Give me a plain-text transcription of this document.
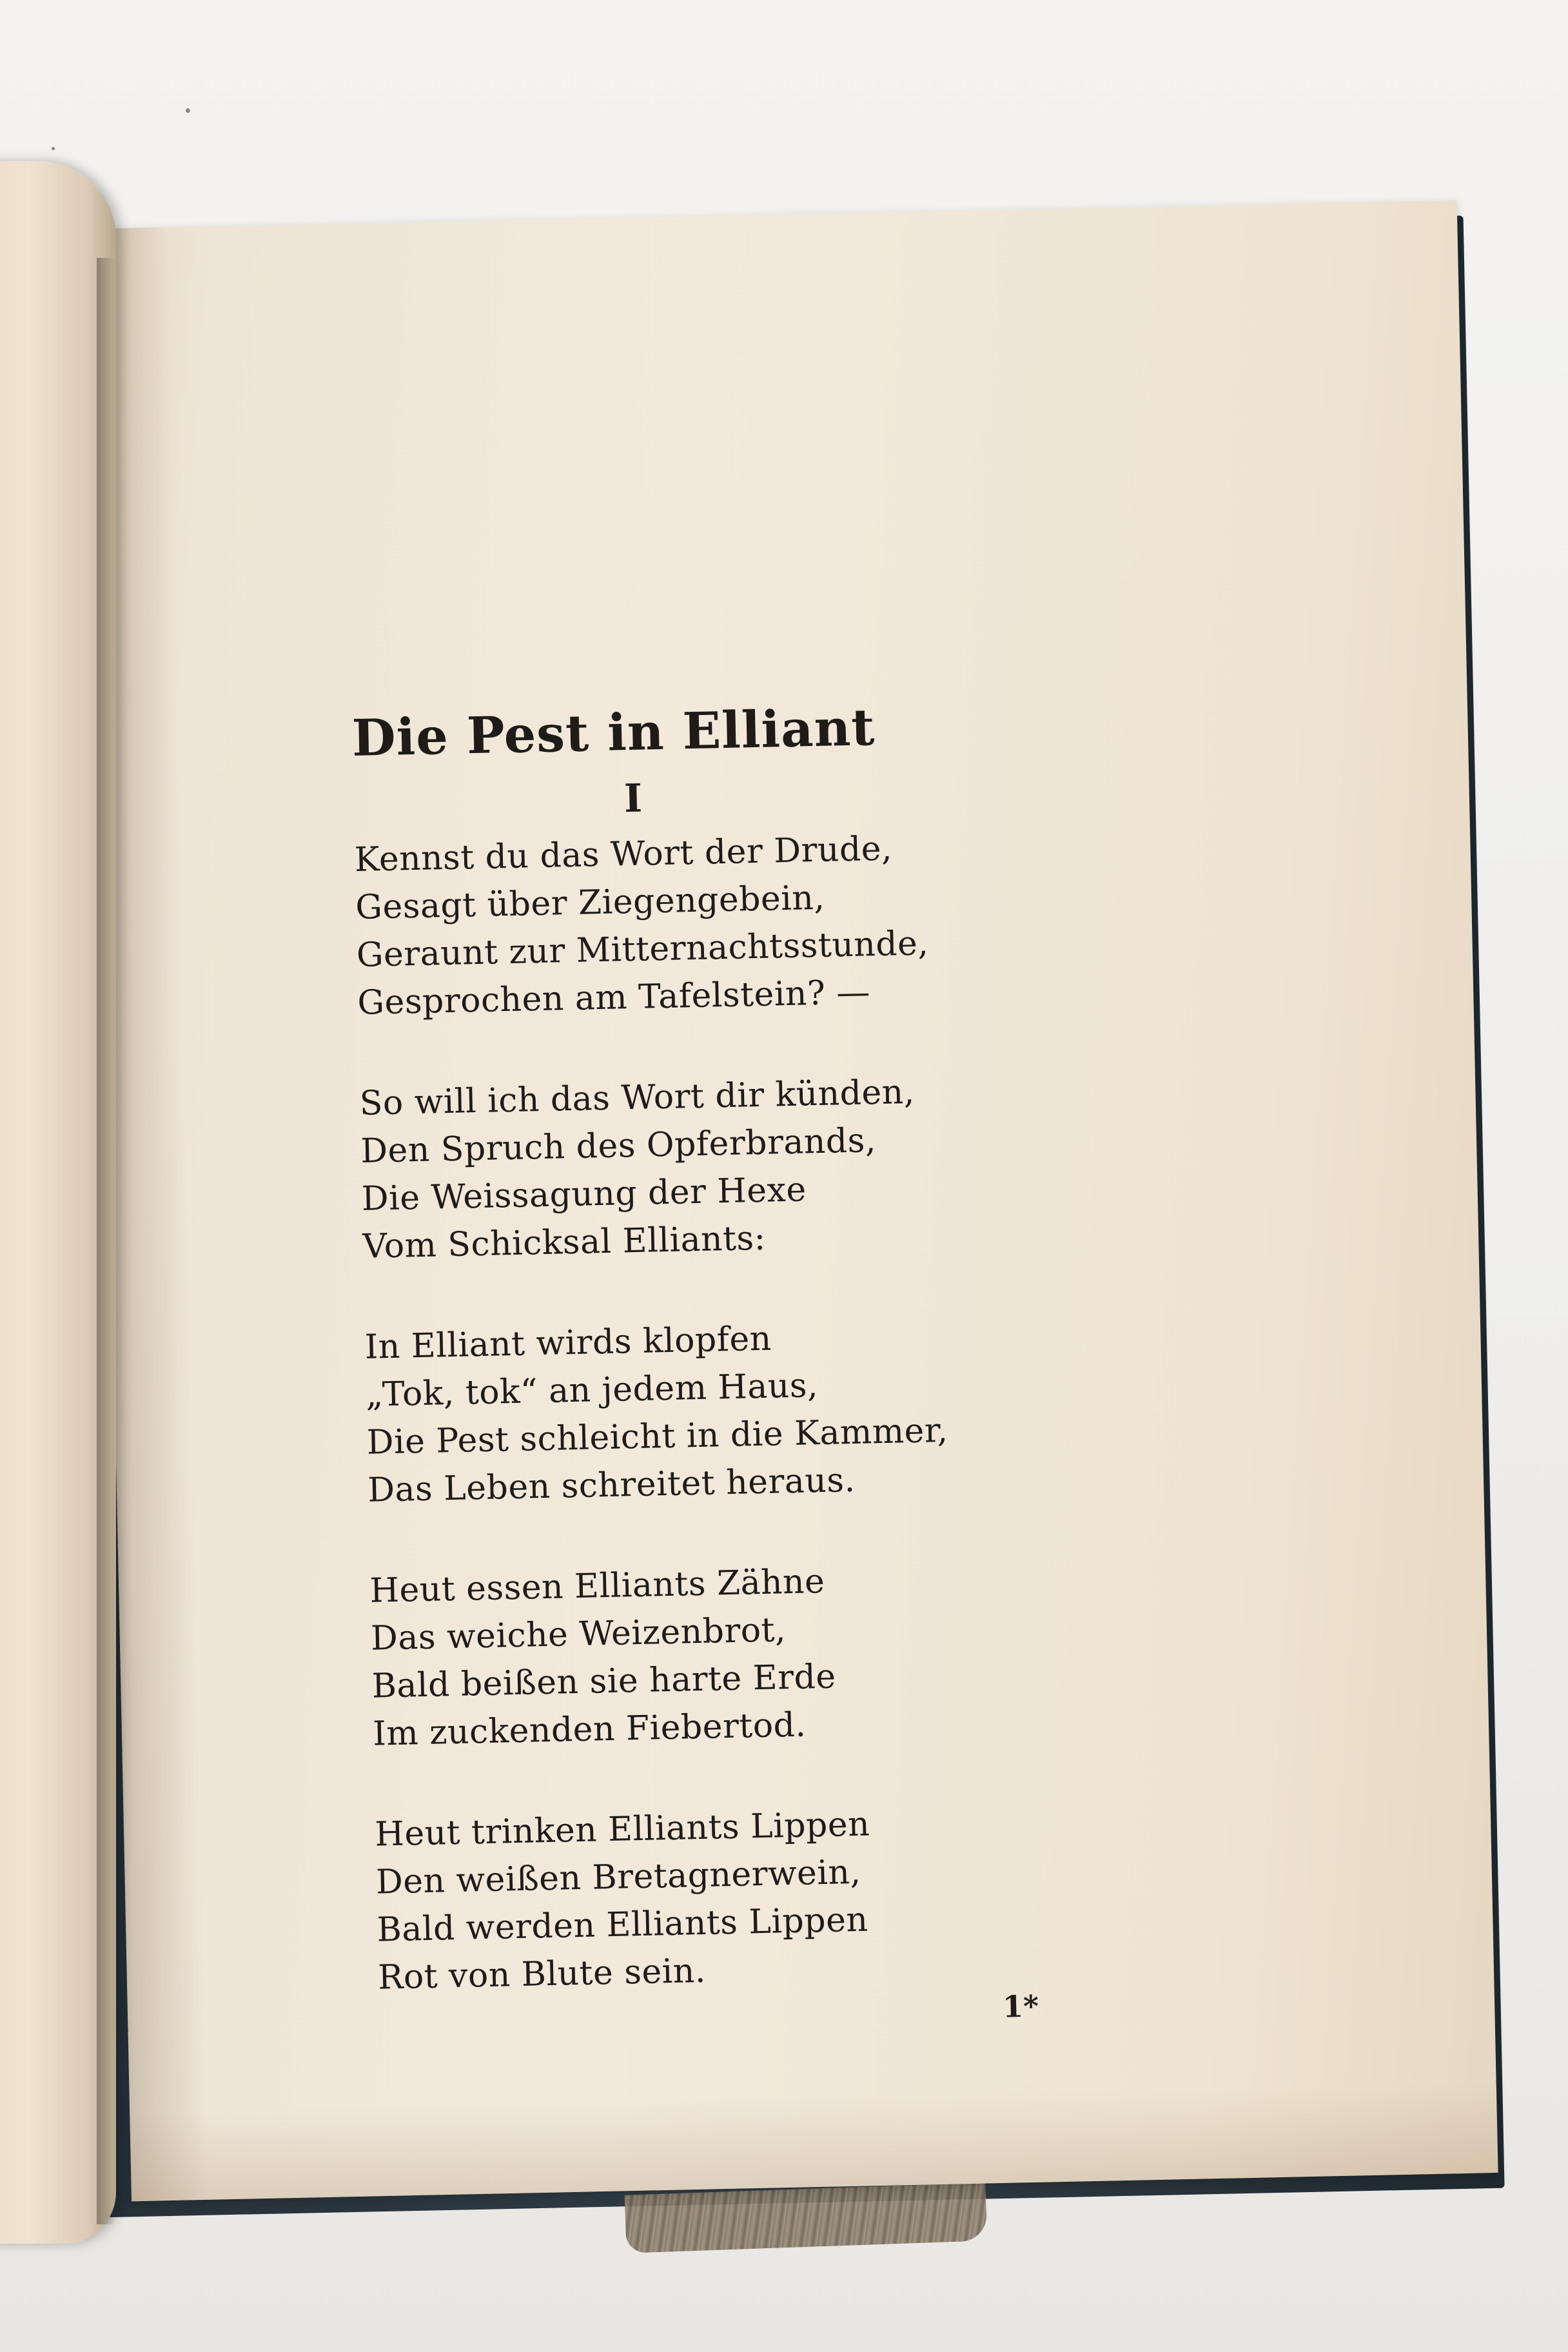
Die Pest in Elliant
I
Kennst du das Wort der Drude,
Gesagt über Ziegengebein,
Geraunt zur Mitternachtsstunde,
Gesprochen am Tafelstein? —
So will ich das Wort dir künden,
Den Spruch des Opferbrands,
Die Weissagung der Hexe
Vom Schicksal Elliants:
In Elliant wirds klopfen
„Tok, tok“ an jedem Haus,
Die Pest schleicht in die Kammer,
Das Leben schreitet heraus.
Heut essen Elliants Zähne
Das weiche Weizenbrot,
Bald beißen sie harte Erde
Im zuckenden Fiebertod.
Heut trinken Elliants Lippen
Den weißen Bretagnerwein,
Bald werden Elliants Lippen
Rot von Blute sein.
1*
